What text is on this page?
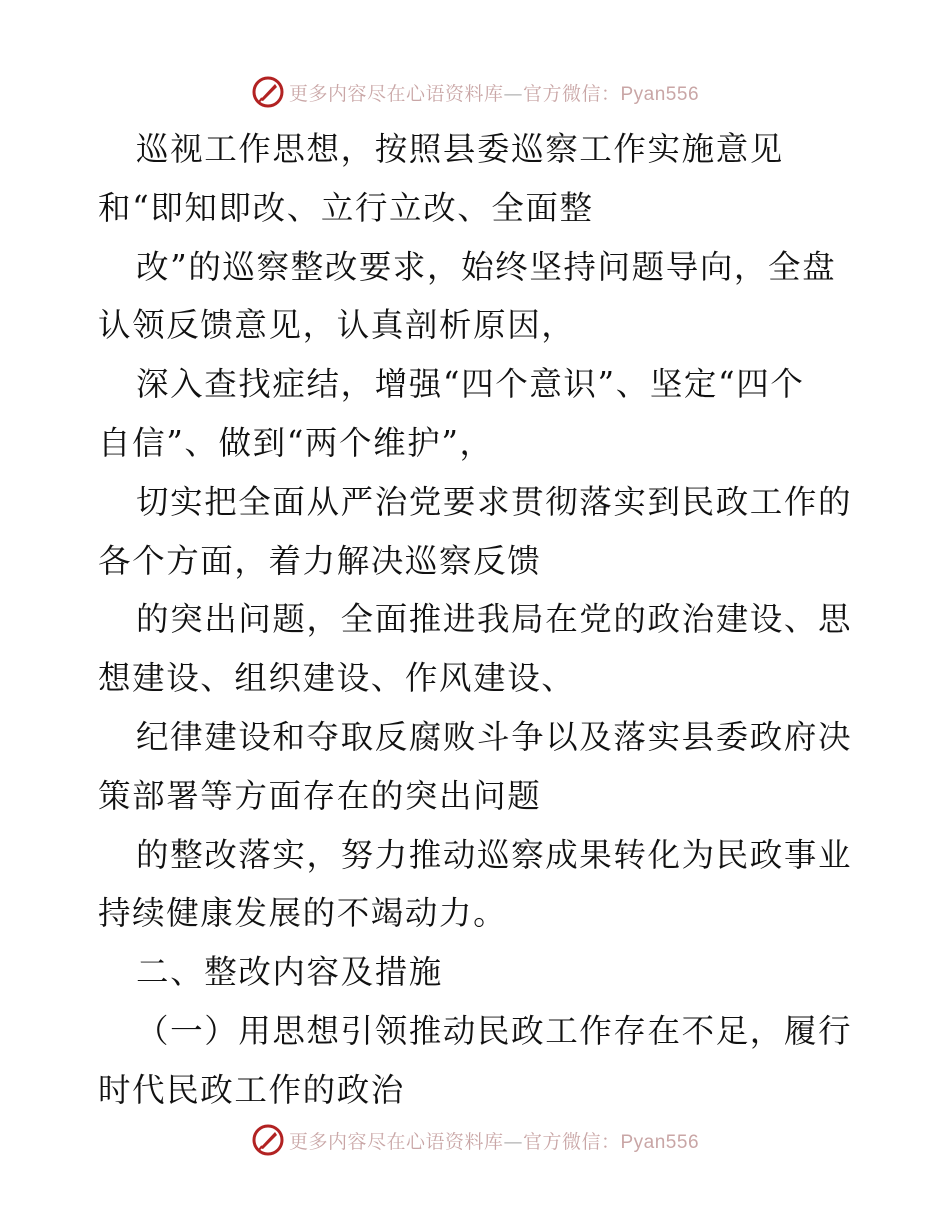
更多内容尽在心语资料库—官方微信：Pyan556
巡视工作思想，按照县委巡察工作实施意见
和“即知即改、立行立改、全面整
改”的巡察整改要求，始终坚持问题导向，全盘
认领反馈意见，认真剖析原因，
深入查找症结，增强“四个意识”、坚定“四个
自信”、做到“两个维护”，
切实把全面从严治党要求贯彻落实到民政工作的
各个方面，着力解决巡察反馈
的突出问题，全面推进我局在党的政治建设、思
想建设、组织建设、作风建设、
纪律建设和夺取反腐败斗争以及落实县委政府决
策部署等方面存在的突出问题
的整改落实，努力推动巡察成果转化为民政事业
持续健康发展的不竭动力。
二、整改内容及措施
（一）用思想引领推动民政工作存在不足，履行
时代民政工作的政治
更多内容尽在心语资料库—官方微信：Pyan556
